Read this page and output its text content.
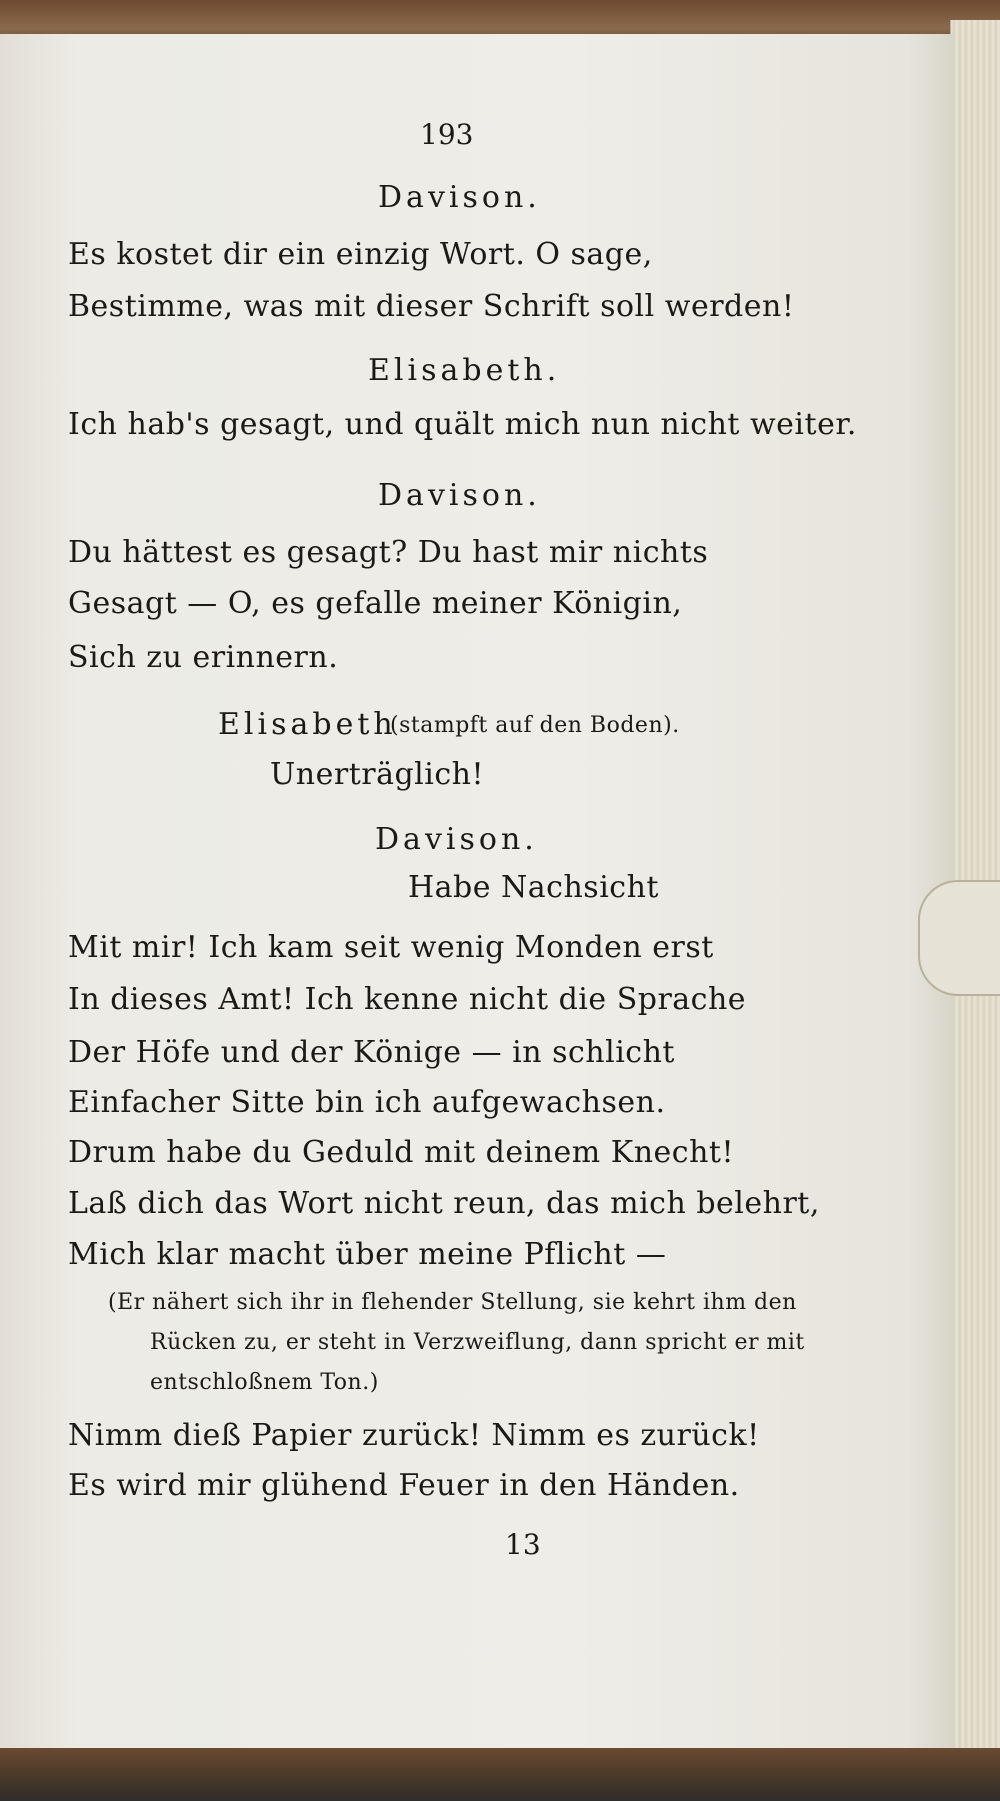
193
Davison.
Es kostet dir ein einzig Wort. O sage,
Bestimme, was mit dieser Schrift soll werden!
Elisabeth.
Ich hab's gesagt, und quält mich nun nicht weiter.
Davison.
Du hättest es gesagt? Du hast mir nichts
Gesagt — O, es gefalle meiner Königin,
Sich zu erinnern.
Elisabeth
(stampft auf den Boden).
Unerträglich!
Davison.
Habe Nachsicht
Mit mir! Ich kam seit wenig Monden erst
In dieses Amt! Ich kenne nicht die Sprache
Der Höfe und der Könige — in schlicht
Einfacher Sitte bin ich aufgewachsen.
Drum habe du Geduld mit deinem Knecht!
Laß dich das Wort nicht reun, das mich belehrt,
Mich klar macht über meine Pflicht —
(Er nähert sich ihr in flehender Stellung, sie kehrt ihm den
Rücken zu, er steht in Verzweiflung, dann spricht er mit
entschloßnem Ton.)
Nimm dieß Papier zurück! Nimm es zurück!
Es wird mir glühend Feuer in den Händen.
13
